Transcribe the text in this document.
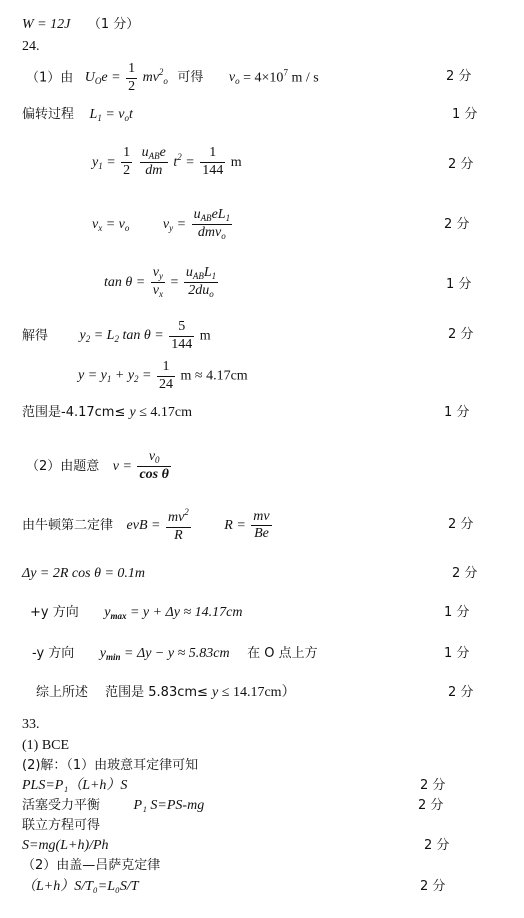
W = 12J （1 分）
24.
（1）由 $U_Oe = \frac{1}{2} mv^2_o$ 可得 $v_o = 4\times 10^7$ m / s	2 分
偏转过程 $L_1 = v_ot$	1 分
$y_1 = \frac{1}{2}$
$\frac{u_{AB}e}{dm} t^2 = \frac{1}{144}$ m	2 分
$v_x = v_o$ $v_y = \frac{u_{AB}eL_1}{dmv_o}$	2 分
$\tan \theta = \frac{v_y}{v_x} = \frac{u_{AB}L_1}{2du_o}$	1 分
解得 $y_2 = L_2$ $\tan \theta = \frac{5}{144}$ m	2 分
$y = y_1 + y_2 = \frac{1}{24}$ m ≈ 4.17cm
范围是-4.17cm≤ y ≤ 4.17cm	1 分
（2）由题意 $v = \frac{v_0}{\text{cos θ}}$
由牛顿第二定律 evB = $\frac{mv^2}{R}$ $R = \frac{mv}{Be}$	2 分
Δy = 2R cos θ = 0.1m	2 分
+y 方向 $y_{max} = y + \Delta y \approx 14.17cm$	1 分
-y 方向 $y_{min} = \Delta y - y \approx 5.83cm$ 在 O 点上方	1 分
综上所述　 范围是 5.83cm≤ y ≤ 14.17cm）	2 分
33.
(1) BCE
(2)解：（1）由玻意耳定律可知
PLS=P₁（L+h）S	2 分
活塞受力平衡 P₁ S=PS-mg	2 分
联立方程可得
S=mg(L+h)/Ph	2 分
（2）由盖—吕萨克定律
（L+h）S/T₀=L₀S/T	2 分
